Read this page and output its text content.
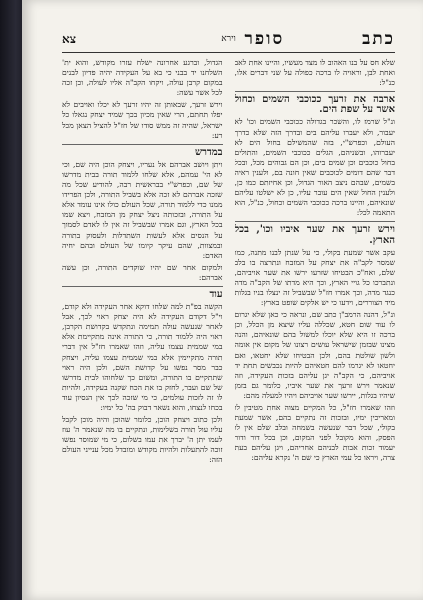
כתב
סופר
וירא
צא

שלא חס על בנו האהוב לו מצד מעשיו, והיינו אחת לאב ואחת לבן, וראויה לו ברכה כפולה על שני דברים אלו, כנ"ל:

ארבה את זרעך ככוכבי השמים וכחול אשר על שפת הים.

ונ"ל שרמז לו, והשכר בגדולה ככוכבי השמים וכו' לא יעבור, ולא יעברו עליהם בים ובדרך הזה שלא כדרך העולם, וכפרש"י, בזה שהמשילם בחול הים לא יעברוהו, ובשניהם, הגלים ככוכבי השמים, והתולים בחול כוכבים וכן שמים בים, וכן הם גבוהים מכל, ובכל דבר שהם דומים לכוכבים שאין חונה בם, ולענין ראיה בשמים, שבהם ניצב האור הגדול, וכן אחיזתם כמו כן, ולענין החול שאין הים עובר עליו, כן לא ישלטו עליהם שונאיהם, והיינו ברכה ככוכבי השמים וכחול, כנ"ל, הוא התאמה לכל:

וירש זרעך את שער איביו וכו', בכל הארץ.

עקב אשר שמעת בקולי, כי על שנתן לבנו מתנה, כמו שמסר לקב"ה את יצחק על המזבח ונתרצה בו בלב שלם, ואח"כ הבטיחו שזרעו ירשו את שער אויביהם, ונתברכו כל גויי הארץ, וכך היא מדתו של הקב"ה מדה כנגד מדה, וכך אמרו חז"ל שבשביל זה ינצלו בניו בגלות מיד הצוררים, וידעו כי יש אלקים שופט בארץ:

ונ"ל, דהנה הרמב"ן כתב שם, ונראה כי כאן שלא יגרום לו עוד שום חטא, שכללה עליו שיצא מן הכלל, וכן ברכה זו היא שלא יוכלו למשול בהם שונאיהם, והנה מצינו שבזמן שישראל עושים רצונו של מקום אין אומה ולשון שולטת בהם, ולכן הבטיחו שלא יחטאו, ואם יחטאו לא יגרמו להם חטאיהם להיות נכבשים תחת יד אויביהם, כי הקב"ה יגן עליהם בזכות העקידה, וזה שנאמר וירש זרעך את שער איביו, כלומר גם בזמן שיהיו בגלות, יירשו שער אויביהם ויהיו למעלה מהם:

וזהו שאמרו חז"ל, כל המקיים מצוה אחת מטיבין לו ומאריכין ימיו, ובזכות זה נתקיים בהם, אשר שמעת בקולי, שכל דבר שנעשה בשמחה ובלב שלם אין לו הפסק, והוא מקובל לפני המקום, וכן בכל דור ודור יעמוד זכות אבות לבניהם אחריהם, ויגן עליהם בעת צרה, ויראו כל עמי הארץ כי שם ה' נקרא עליהם:

הגדול, וברגע אחרונה ישלח עזרו מקודש, והוא ית' השלחנו יד בבני כי בא על העקידה יהיה פדיון לבנים במקום קרבן עולה, ויקחו הקב"ה אליו לעולה, וכן זכה לכל אשר עשה:

וירש זרעך, שבאותן זה יהיו זרעך לא יכלו ואויבים לא יפלו תחתם, הרי שאין מכיון בכך שמיד יצחק נגאלו כל ישראל, שהיה זה ממש סודו של חז"ל להציל הצאן מכל רע:

במדרש

ויתן ויושב אברהם אל נעריו, ויצחק הוכן היה שם, וכי לא הי' עמהם, אלא שלחו ללמוד תורה בבית מדרשו של שם, וכפרש"י בבראשית רבה, להודיע שכל מה שזכה אברהם לא זכה אלא בשביל התורה, ולכן הפרידו ממנו כדי ללמוד תורה, שכל העולם כולו אינו עומד אלא על התורה, ובזכותה ניצל יצחק מן המזבח, ויצא שמו בכל הארץ, וגם אמרו שבשביל זה אין לו לאדם לסמוך על הנסים אלא לעשות השתדלות ולעסוק בתורה ובמצוות, שהם עיקר קיומו של העולם ובהם יחיה האדם:

ולמקום אחר שם יהיו שוקדים התורה, וכן עשה אברהם:

עוד

הקשה בפ"ת למה שלחו דוקא אחר העקידה ולא קודם, וי"ל דקודם העקידה לא היה יצחק ראוי לכך, אבל לאחר שנעשה עולה תמימה ונתקדש בקדושת הקרבן, ראוי היה ללמוד תורה, כי התורה אינה מתקיימת אלא במי שממית עצמו עליה, וזהו שאמרו חז"ל אין דברי תורה מתקיימין אלא במי שממית עצמו עליה, ויצחק כבר מסר נפשו על קדושת השם, ולכן היה ראוי שתתקיים בו התורה, ומשום כך שלחוהו לבית מדרשו של שם ועבר, לחזק בו את הכח שקנה בעקידה, ולהיות לו זה לזכות עולמים, כי מי שזכה לכך אין הנסיון עוד בכחו לנצחו, והוא נשאר דבוק בה' כל ימיו:

ולכן כתוב ויצחק הוכן, כלומר שהוכן והיה מוכן לקבל עליו עול תורה בשלימות, ונתקיים בו מה שנאמר ה' עוז לעמו יתן ה' יברך את עמו בשלום, כי מי שמוסר נפשו זוכה להתעלות ולהיות מקודש ומובדל מכל ענייני העולם הזה:
